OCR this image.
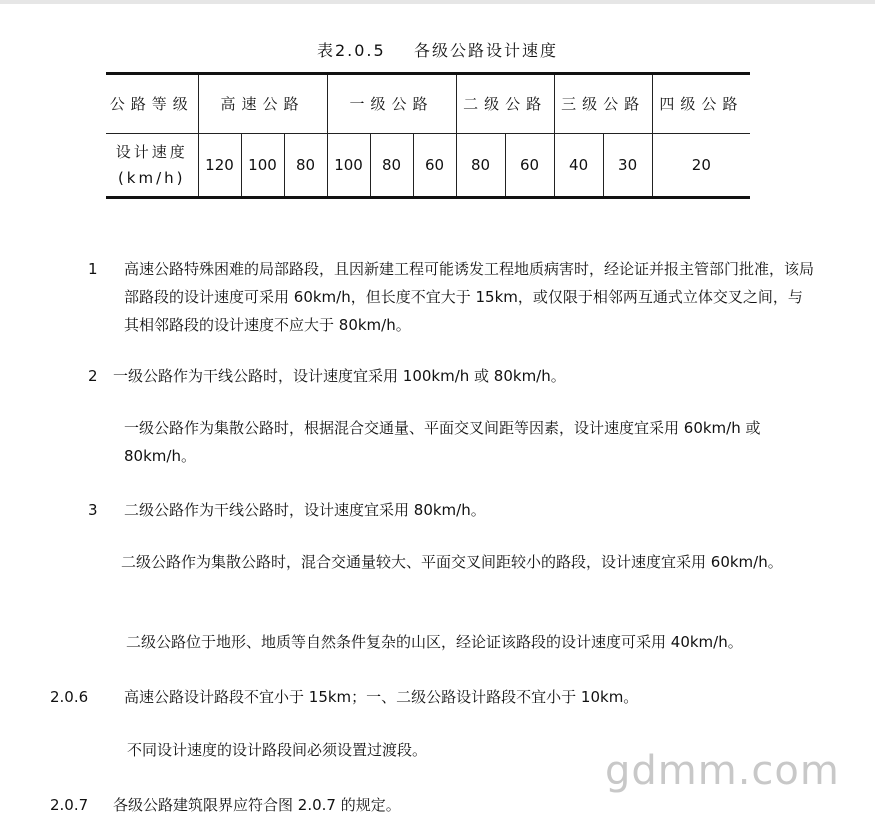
表2.0.5    各级公路设计速度
公路等级	高速公路			一级公路			二级公路		三级公路		四级公路
设计速度(km/h)	120	100	80	100	80	60	80	60	40	30	20
1 高速公路特殊困难的局部路段，且因新建工程可能诱发工程地质病害时，经论证并报主管部门批准，该局部路段的设计速度可采用 60km/h，但长度不宜大于 15km，或仅限于相邻两互通式立体交叉之间，与其相邻路段的设计速度不应大于 80km/h。
2 一级公路作为干线公路时，设计速度宜采用 100km/h 或 80km/h。
一级公路作为集散公路时，根据混合交通量、平面交叉间距等因素，设计速度宜采用 60km/h 或 80km/h。
3 二级公路作为干线公路时，设计速度宜采用 80km/h。
二级公路作为集散公路时，混合交通量较大、平面交叉间距较小的路段，设计速度宜采用 60km/h。
二级公路位于地形、地质等自然条件复杂的山区，经论证该路段的设计速度可采用 40km/h。
2.0.6 高速公路设计路段不宜小于 15km；一、二级公路设计路段不宜小于 10km。
不同设计速度的设计路段间必须设置过渡段。
2.0.7 各级公路建筑限界应符合图 2.0.7 的规定。
gdmm.com
